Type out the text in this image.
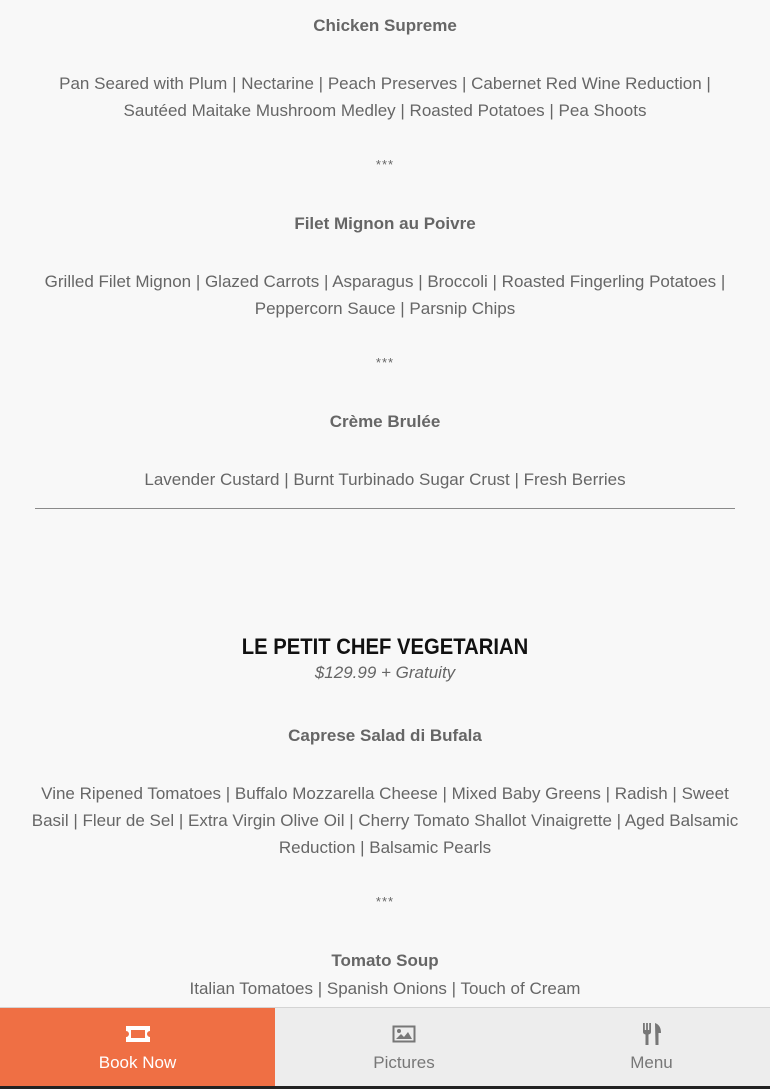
Chicken Supreme
Pan Seared with Plum | Nectarine | Peach Preserves | Cabernet Red Wine Reduction | Sautéed Maitake Mushroom Medley | Roasted Potatoes | Pea Shoots
***
Filet Mignon au Poivre
Grilled Filet Mignon | Glazed Carrots | Asparagus | Broccoli | Roasted Fingerling Potatoes | Peppercorn Sauce | Parsnip Chips
***
Crème Brulée
Lavender Custard | Burnt Turbinado Sugar Crust | Fresh Berries
LE PETIT CHEF VEGETARIAN
$129.99 + Gratuity
Caprese Salad di Bufala
Vine Ripened Tomatoes | Buffalo Mozzarella Cheese | Mixed Baby Greens | Radish | Sweet Basil | Fleur de Sel | Extra Virgin Olive Oil | Cherry Tomato Shallot Vinaigrette | Aged Balsamic Reduction | Balsamic Pearls
***
Tomato Soup
Italian Tomatoes | Spanish Onions | Touch of Cream
Book Now	Pictures	Menu
